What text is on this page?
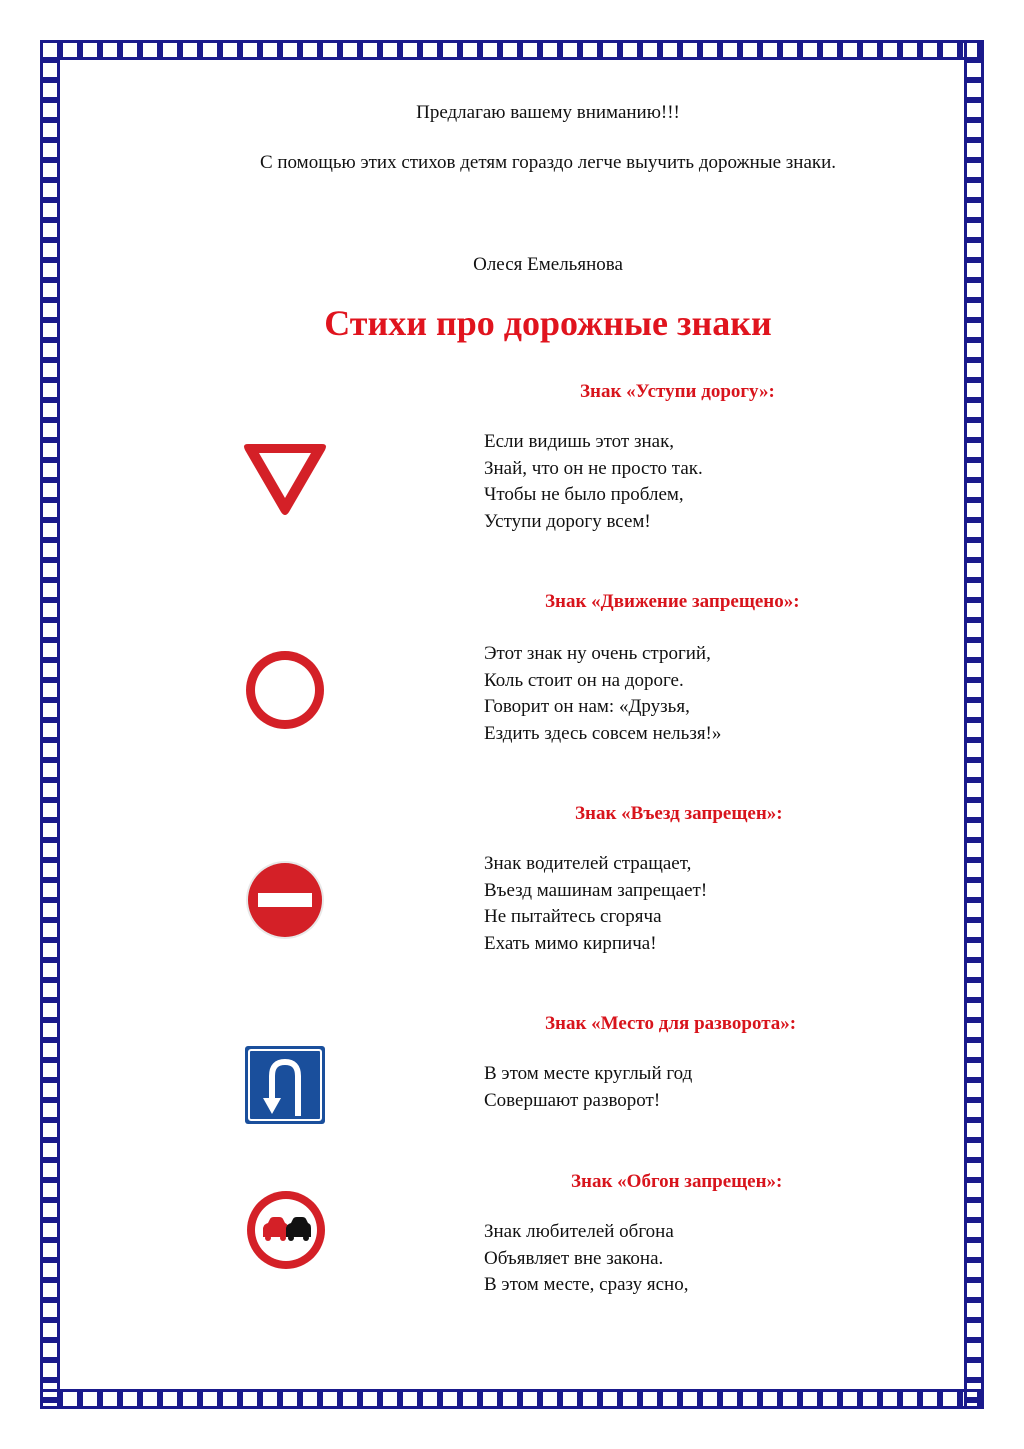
Предлагаю вашему вниманию!!!
С помощью этих стихов детям гораздо легче выучить дорожные знаки.
Олеся Емельянова
Стихи про дорожные знаки
Знак «Уступи дорогу»:
Если видишь этот знак,
Знай, что он не просто так.
Чтобы не было проблем,
Уступи дорогу всем!
Знак «Движение запрещено»:
Этот знак ну очень строгий,
Коль стоит он на дороге.
Говорит он нам: «Друзья,
Ездить здесь совсем нельзя!»
Знак «Въезд запрещен»:
Знак водителей стращает,
Въезд машинам запрещает!
Не пытайтесь сгоряча
Ехать мимо кирпича!
Знак «Место для разворота»:
В этом месте круглый год
Совершают разворот!
Знак «Обгон запрещен»:
Знак любителей обгона
Объявляет вне закона.
В этом месте, сразу ясно,
